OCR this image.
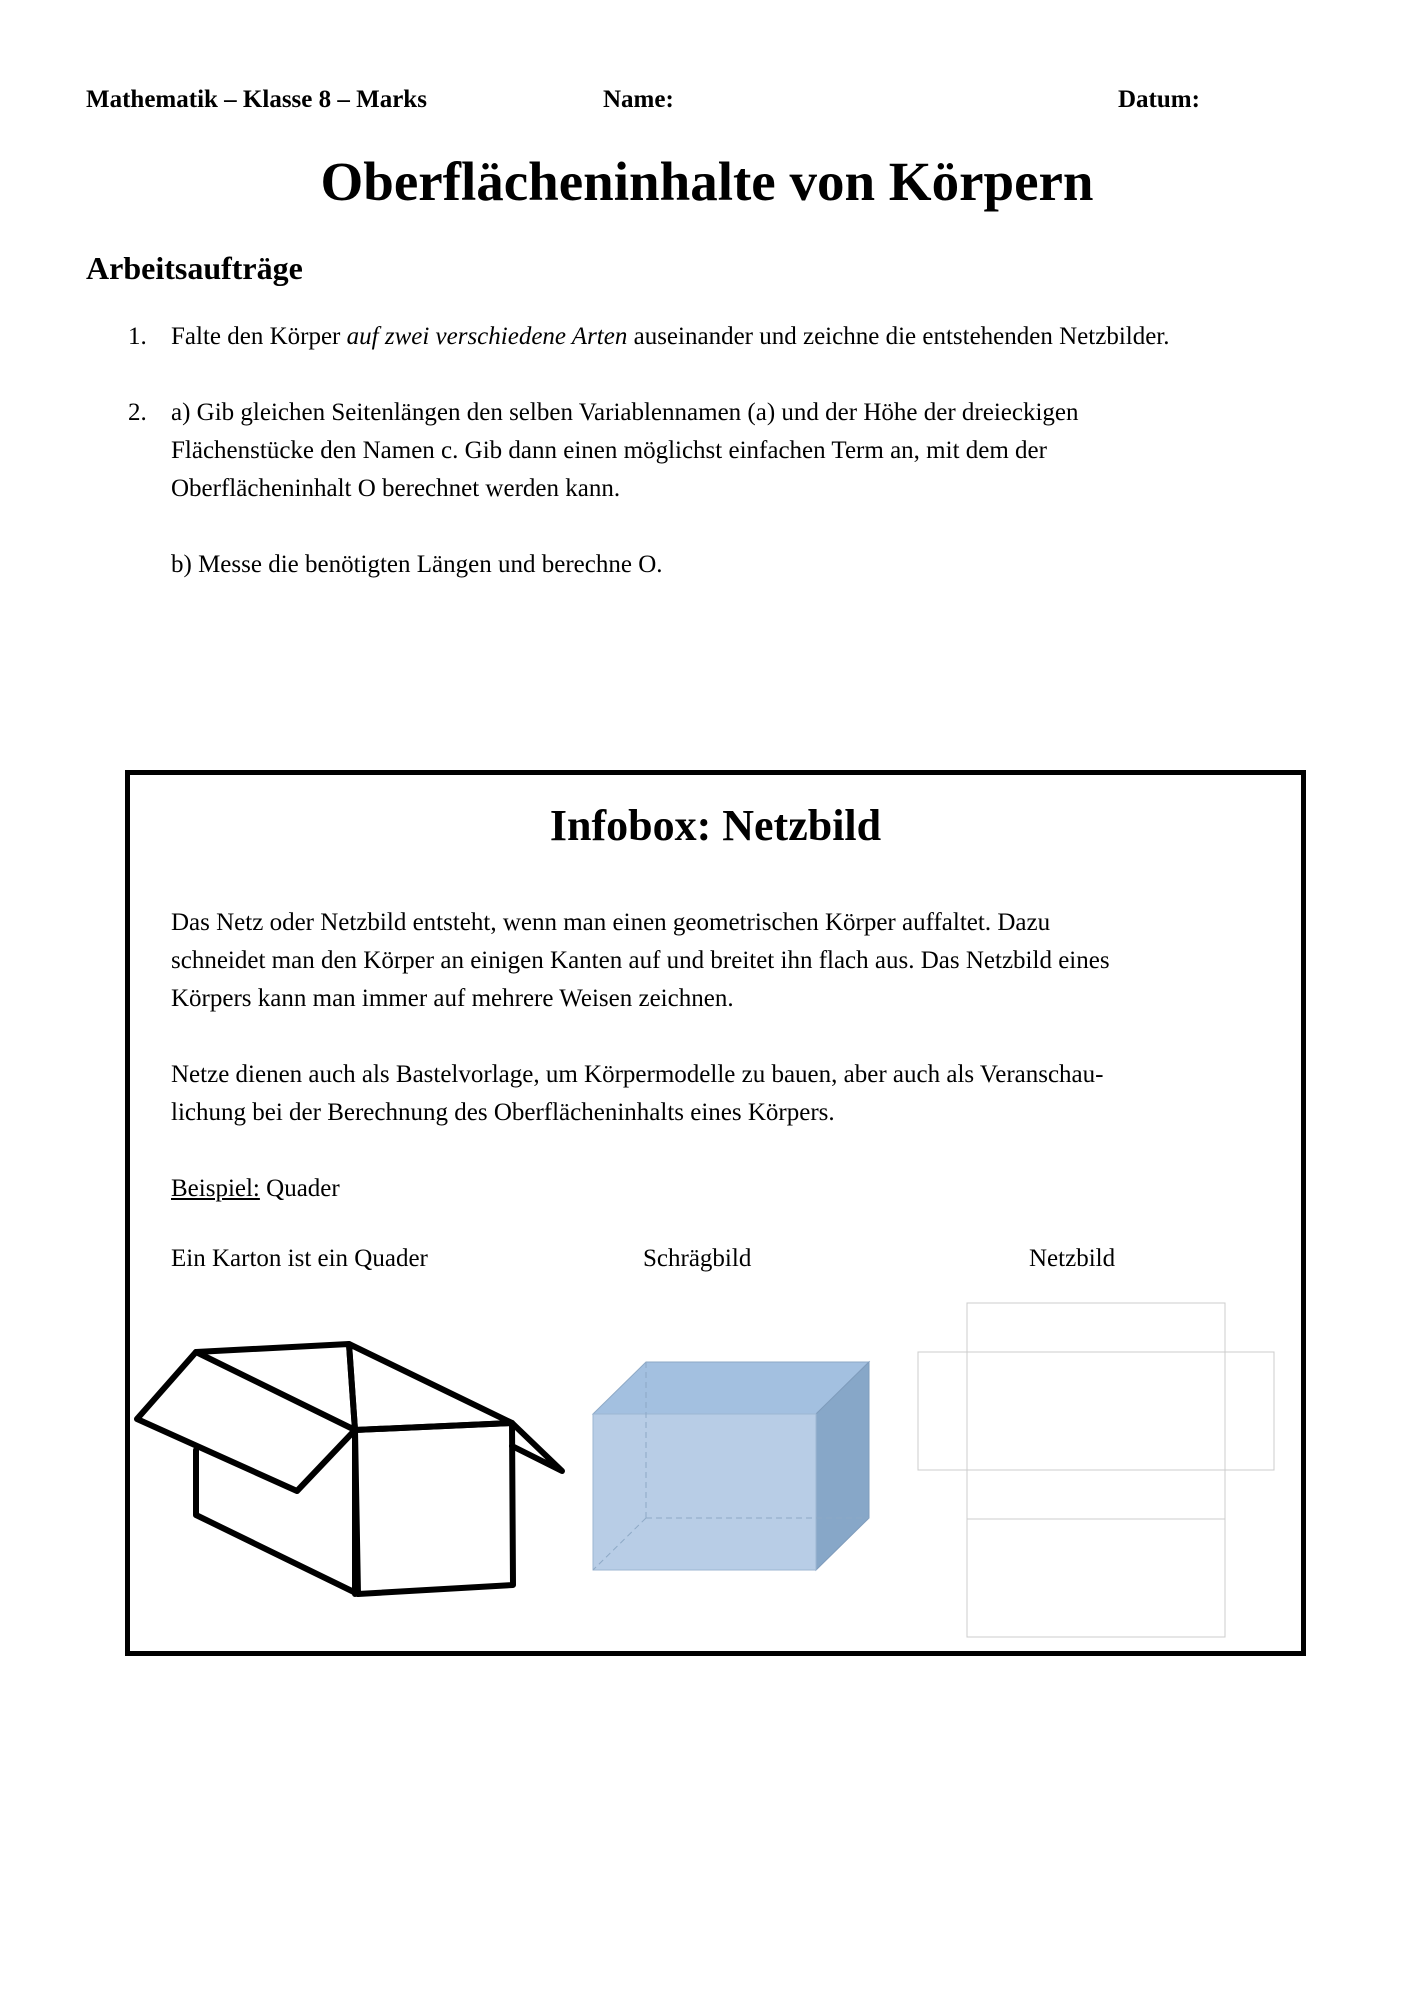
Mathematik – Klasse 8 – Marks	Name:	Datum:
Oberflächeninhalte von Körpern
Arbeitsaufträge
1. Falte den Körper auf zwei verschiedene Arten auseinander und zeichne die entstehenden Netzbilder.
2. a) Gib gleichen Seitenlängen den selben Variablennamen (a) und der Höhe der dreieckigen
Flächenstücke den Namen c. Gib dann einen möglichst einfachen Term an, mit dem der
Oberflächeninhalt O berechnet werden kann.
b) Messe die benötigten Längen und berechne O.
Infobox: Netzbild
Das Netz oder Netzbild entsteht, wenn man einen geometrischen Körper auffaltet. Dazu
schneidet man den Körper an einigen Kanten auf und breitet ihn flach aus. Das Netzbild eines
Körpers kann man immer auf mehrere Weisen zeichnen.
Netze dienen auch als Bastelvorlage, um Körpermodelle zu bauen, aber auch als Veranschau-
lichung bei der Berechnung des Oberflächeninhalts eines Körpers.
Beispiel: Quader
Ein Karton ist ein Quader	Schrägbild	Netzbild
